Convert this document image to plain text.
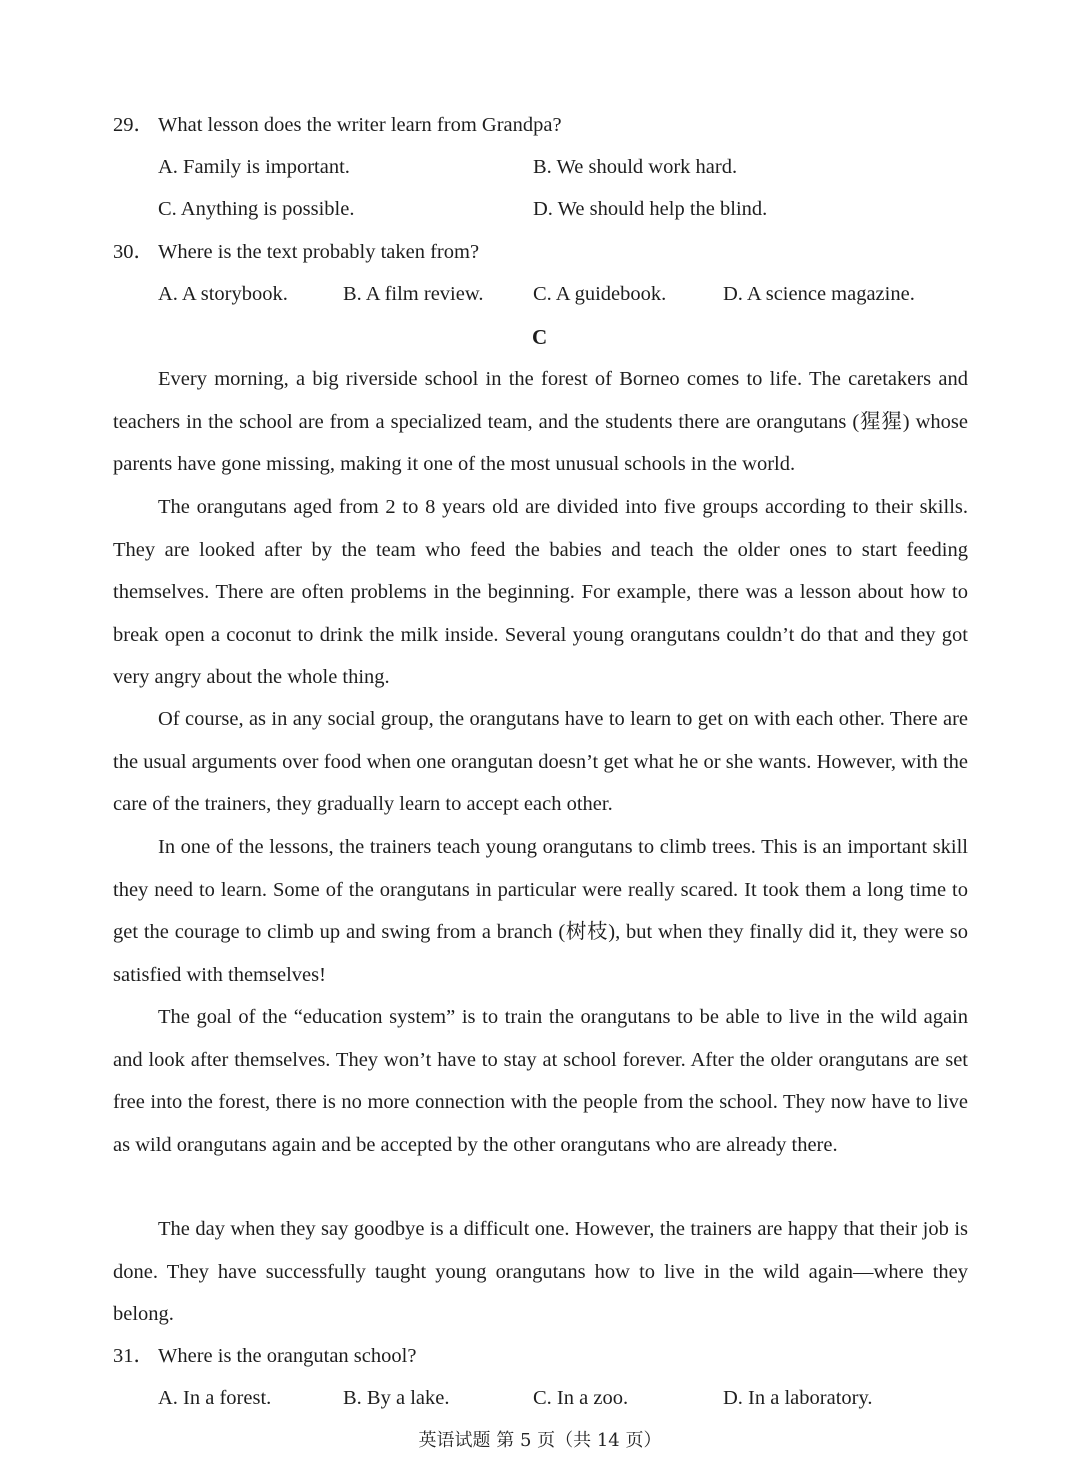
29． What lesson does the writer learn from Grandpa?
A. Family is important.	B. We should work hard.
C. Anything is possible.	D. We should help the blind.
30． Where is the text probably taken from?
A. A storybook.	B. A film review. C. A guidebook.	D. A science magazine.
C

Every morning, a big riverside school in the forest of Borneo comes to life. The caretakers and teachers in the school are from a specialized team, and the students there are orangutans (猩猩) whose parents have gone missing, making it one of the most unusual schools in the world.

The orangutans aged from 2 to 8 years old are divided into five groups according to their skills. They are looked after by the team who feed the babies and teach the older ones to start feeding themselves. There are often problems in the beginning. For example, there was a lesson about how to break open a coconut to drink the milk inside. Several young orangutans couldn’t do that and they got very angry about the whole thing.

Of course, as in any social group, the orangutans have to learn to get on with each other. There are the usual arguments over food when one orangutan doesn’t get what he or she wants. However, with the care of the trainers, they gradually learn to accept each other.

In one of the lessons, the trainers teach young orangutans to climb trees. This is an important skill they need to learn. Some of the orangutans in particular were really scared. It took them a long time to get the courage to climb up and swing from a branch (树枝), but when they finally did it, they were so satisfied with themselves!

The goal of the “education system” is to train the orangutans to be able to live in the wild again and look after themselves. They won’t have to stay at school forever. After the older orangutans are set free into the forest, there is no more connection with the people from the school. They now have to live as wild orangutans again and be accepted by the other orangutans who are already there.

The day when they say goodbye is a difficult one. However, the trainers are happy that their job is done. They have successfully taught young orangutans how to live in the wild again—where they belong.

31． Where is the orangutan school?
A. In a forest.	B. By a lake.	C. In a zoo.	D. In a laboratory.
英语试题 第 5 页（共 14 页）
